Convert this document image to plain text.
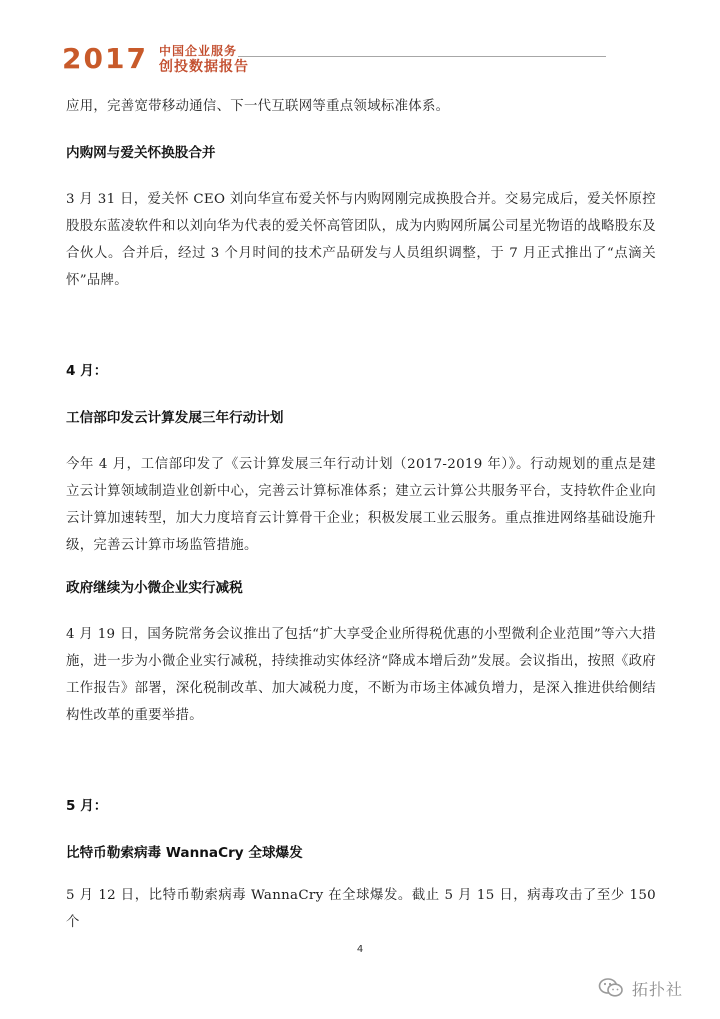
2017 中国企业服务
创投数据报告

应用，完善宽带移动通信、下一代互联网等重点领域标准体系。

内购网与爱关怀换股合并

3 月 31 日，爱关怀 CEO 刘向华宣布爱关怀与内购网刚完成换股合并。交易完成后，爱关怀原控股股东蓝凌软件和以刘向华为代表的爱关怀高管团队，成为内购网所属公司星光物语的战略股东及合伙人。合并后，经过 3 个月时间的技术产品研发与人员组织调整，于 7 月正式推出了“点滴关怀”品牌。

4 月：

工信部印发云计算发展三年行动计划

今年 4 月，工信部印发了《云计算发展三年行动计划（2017-2019 年）》。行动规划的重点是建立云计算领域制造业创新中心，完善云计算标准体系；建立云计算公共服务平台，支持软件企业向云计算加速转型，加大力度培育云计算骨干企业；积极发展工业云服务。重点推进网络基础设施升级，完善云计算市场监管措施。

政府继续为小微企业实行减税

4 月 19 日，国务院常务会议推出了包括“扩大享受企业所得税优惠的小型微利企业范围”等六大措施，进一步为小微企业实行减税，持续推动实体经济“降成本增后劲”发展。会议指出，按照《政府工作报告》部署，深化税制改革、加大减税力度，不断为市场主体减负增力，是深入推进供给侧结构性改革的重要举措。

5 月：

比特币勒索病毒 WannaCry 全球爆发

5 月 12 日，比特币勒索病毒 WannaCry 在全球爆发。截止 5 月 15 日，病毒攻击了至少 150 个

4
拓扑社
